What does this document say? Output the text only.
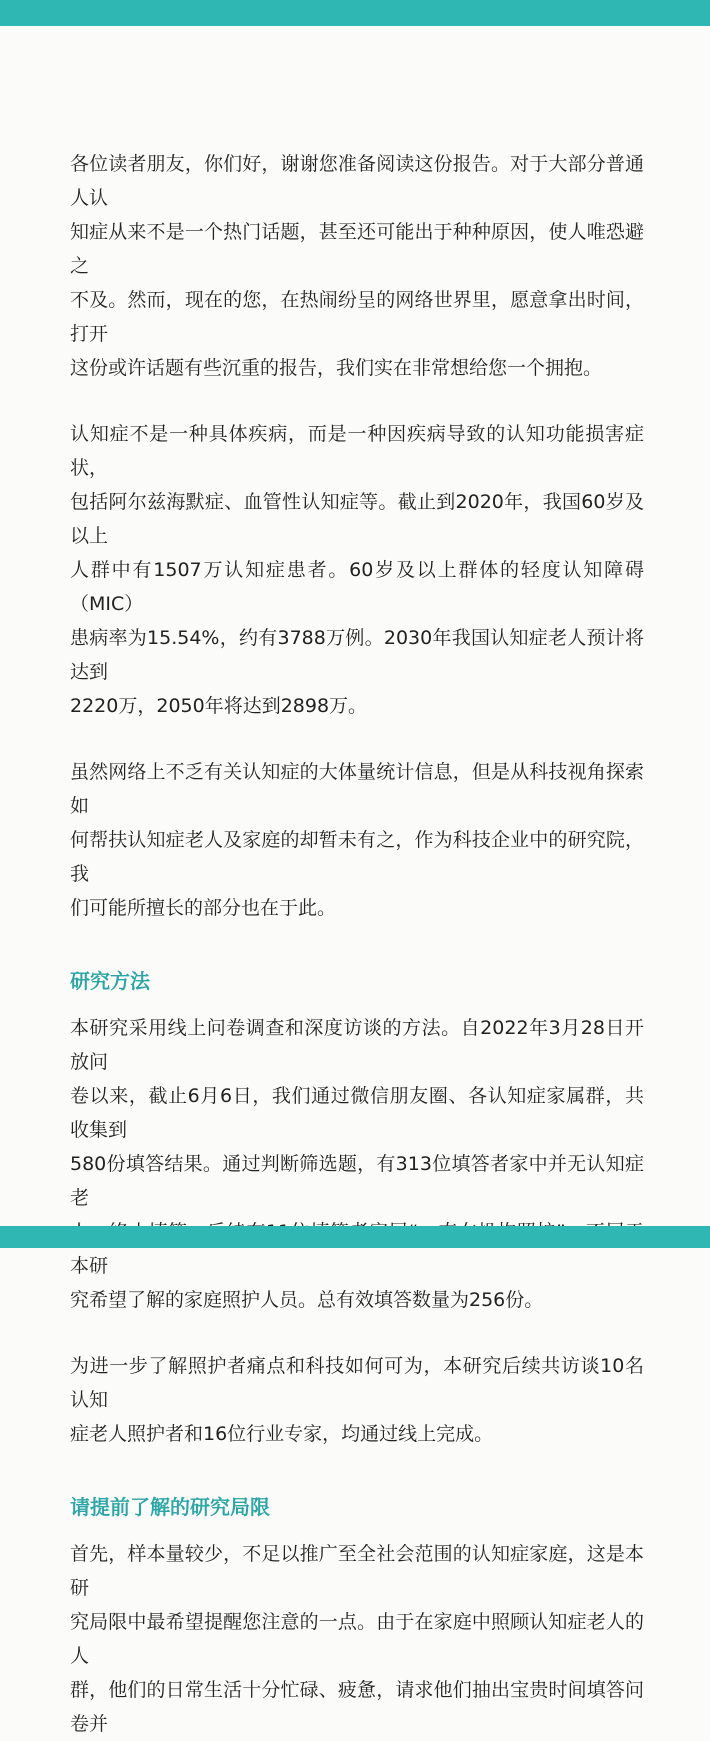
各位读者朋友，你们好，谢谢您准备阅读这份报告。对于大部分普通人认
知症从来不是一个热门话题，甚至还可能出于种种原因，使人唯恐避之
不及。然而，现在的您，在热闹纷呈的网络世界里，愿意拿出时间，打开
这份或许话题有些沉重的报告，我们实在非常想给您一个拥抱。

认知症不是一种具体疾病，而是一种因疾病导致的认知功能损害症状，
包括阿尔兹海默症、血管性认知症等。截止到2020年，我国60岁及以上
人群中有1507万认知症患者。60岁及以上群体的轻度认知障碍（MIC）
患病率为15.54%，约有3788万例。2030年我国认知症老人预计将达到
2220万，2050年将达到2898万。

虽然网络上不乏有关认知症的大体量统计信息，但是从科技视角探索如
何帮扶认知症老人及家庭的却暂未有之，作为科技企业中的研究院，我
们可能所擅长的部分也在于此。

研究方法

本研究采用线上问卷调查和深度访谈的方法。自2022年3月28日开放问
卷以来，截止6月6日，我们通过微信朋友圈、各认知症家属群，共收集到
580份填答结果。通过判断筛选题，有313位填答者家中并无认知症老
本研
究希望了解的家庭照护人员。总有效填答数量为256份。

为进一步了解照护者痛点和科技如何可为，本研究后续共访谈10名认知
症老人照护者和16位行业专家，均通过线上完成。

请提前了解的研究局限

首先，样本量较少，不足以推广至全社会范围的认知症家庭，这是本研
究局限中最希望提醒您注意的一点。由于在家庭中照顾认知症老人的人
群，他们的日常生活十分忙碌、疲惫，请求他们抽出宝贵时间填答问卷并
